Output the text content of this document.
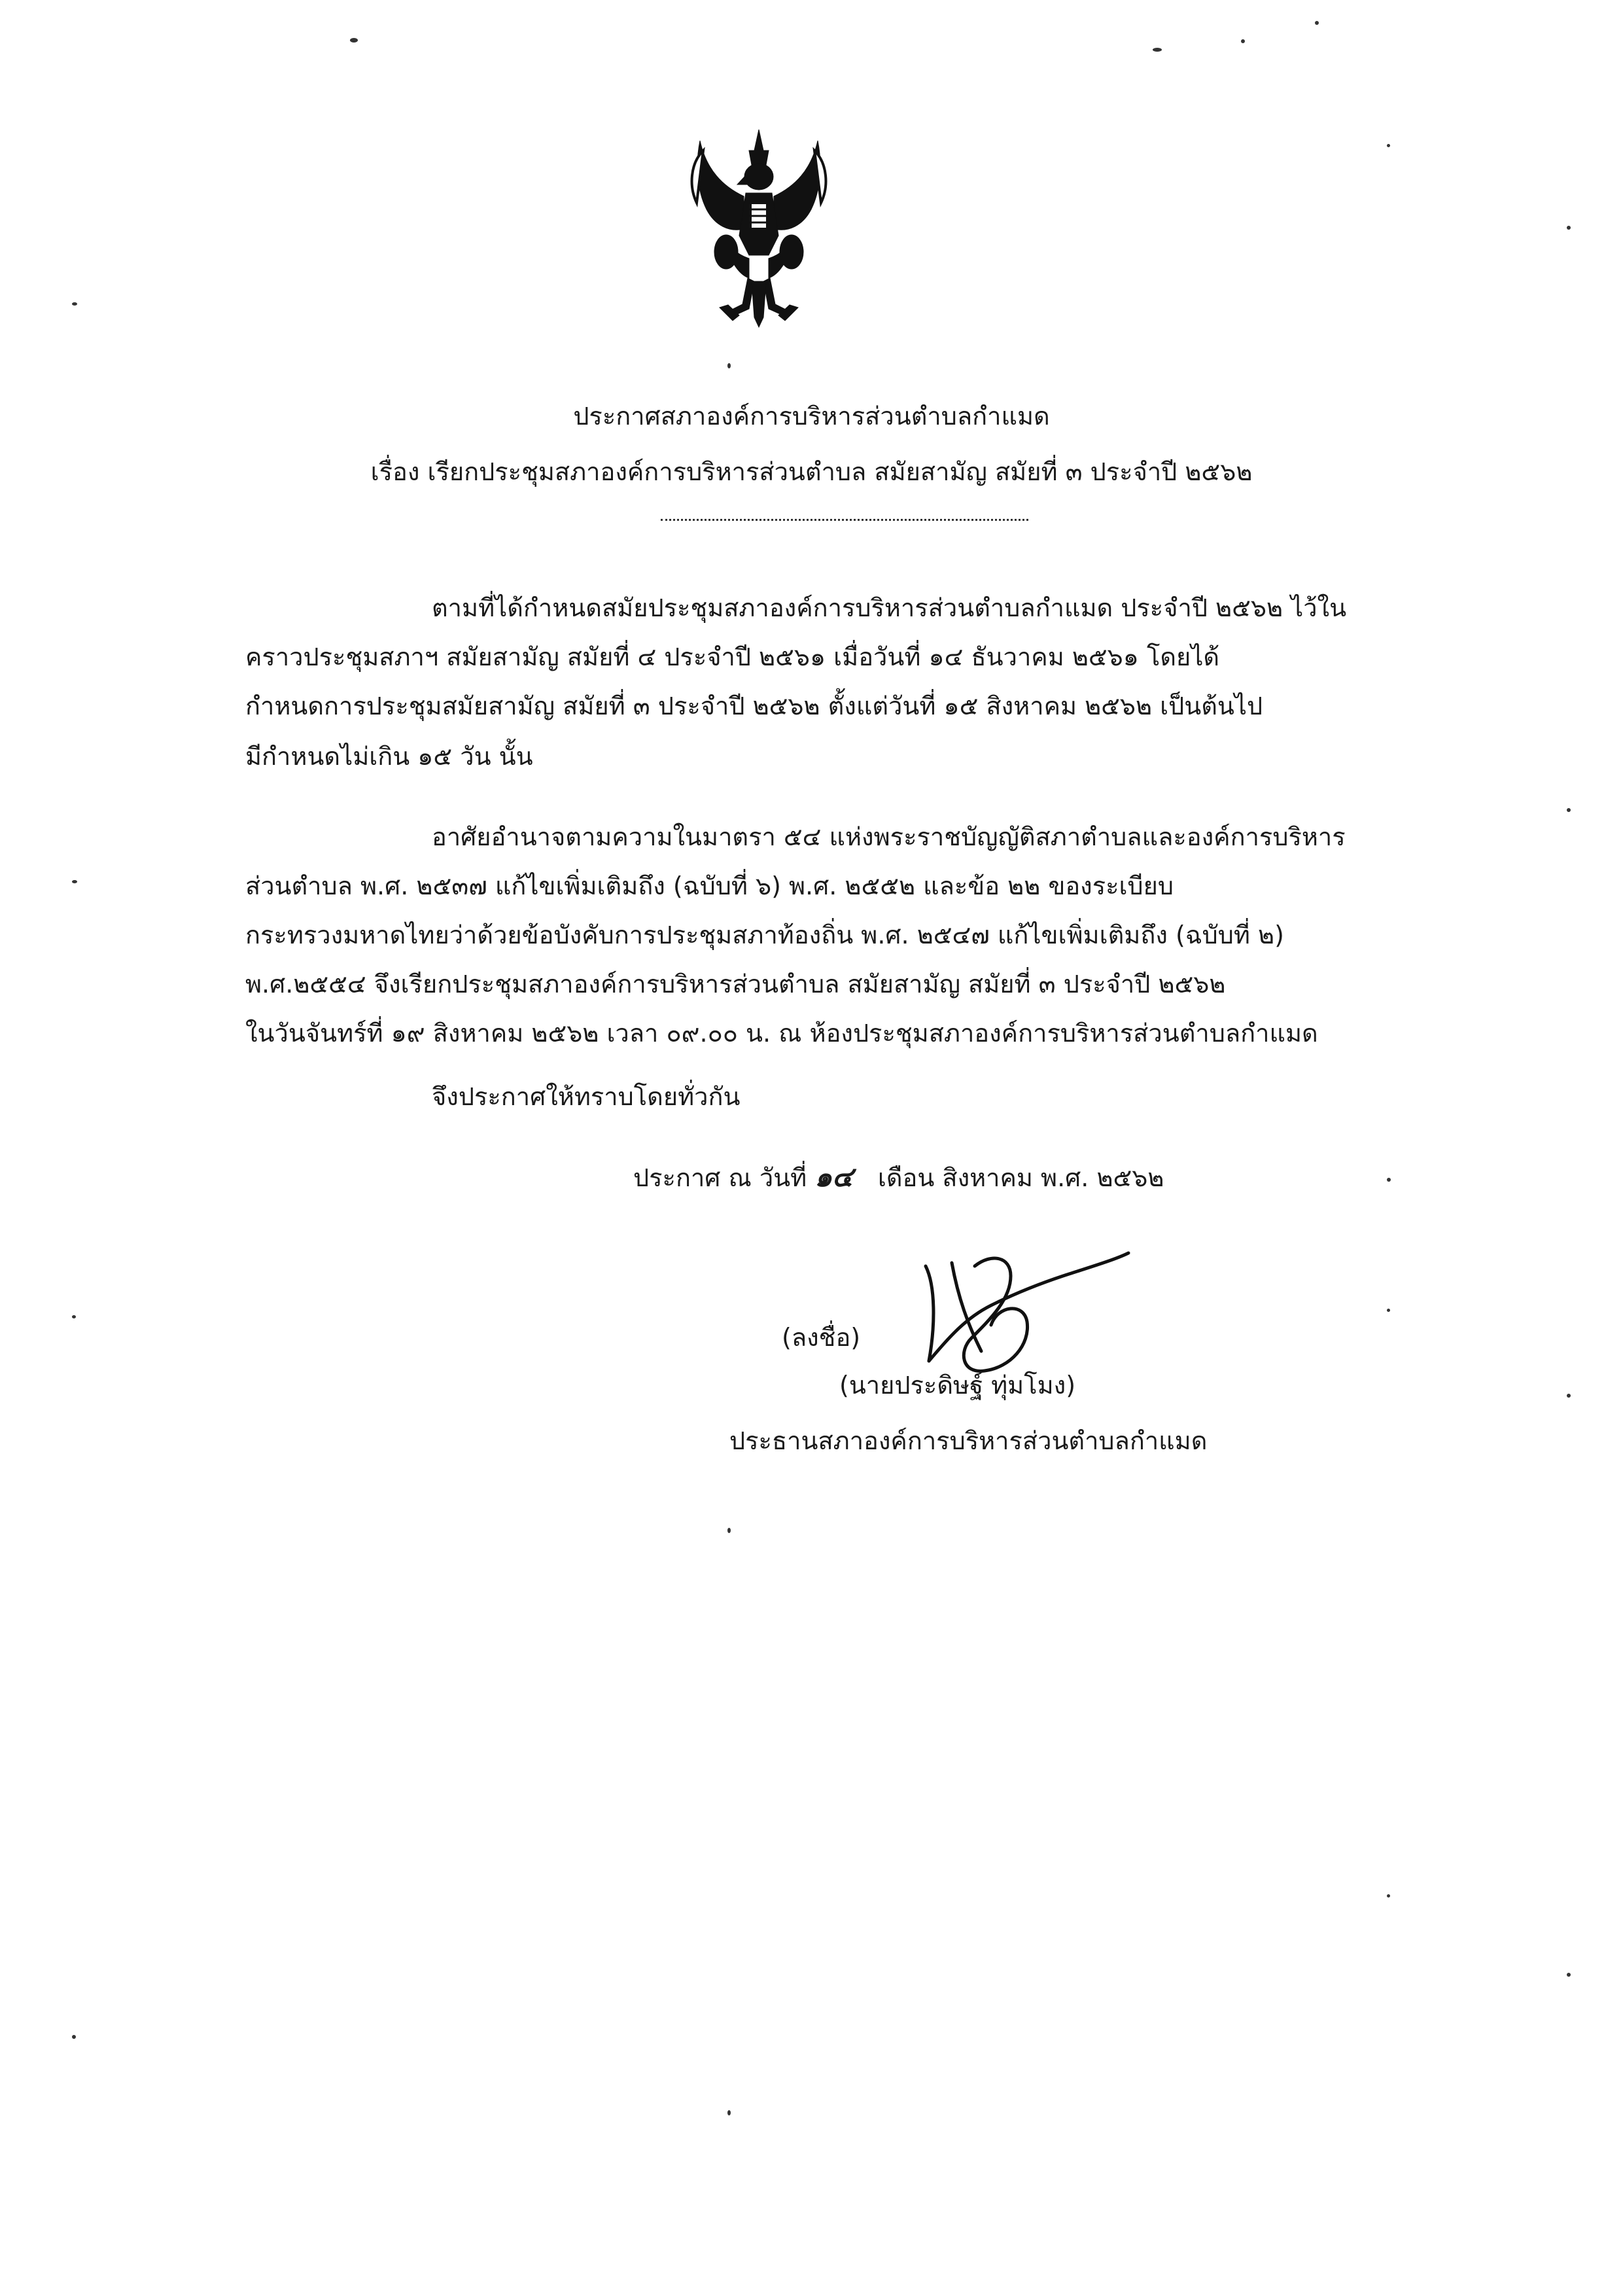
ประกาศสภาองค์การบริหารส่วนตำบลกำแมด
เรื่อง เรียกประชุมสภาองค์การบริหารส่วนตำบล สมัยสามัญ สมัยที่ ๓ ประจำปี ๒๕๖๒
ตามที่ได้กำหนดสมัยประชุมสภาองค์การบริหารส่วนตำบลกำแมด ประจำปี ๒๕๖๒ ไว้ใน
คราวประชุมสภาฯ สมัยสามัญ สมัยที่ ๔ ประจำปี ๒๕๖๑ เมื่อวันที่ ๑๔ ธันวาคม ๒๕๖๑ โดยได้
กำหนดการประชุมสมัยสามัญ สมัยที่ ๓ ประจำปี ๒๕๖๒ ตั้งแต่วันที่ ๑๕ สิงหาคม ๒๕๖๒ เป็นต้นไป
มีกำหนดไม่เกิน ๑๕ วัน นั้น
อาศัยอำนาจตามความในมาตรา ๕๔ แห่งพระราชบัญญัติสภาตำบลและองค์การบริหาร
ส่วนตำบล พ.ศ. ๒๕๓๗ แก้ไขเพิ่มเติมถึง (ฉบับที่ ๖) พ.ศ. ๒๕๕๒ และข้อ ๒๒ ของระเบียบ
กระทรวงมหาดไทยว่าด้วยข้อบังคับการประชุมสภาท้องถิ่น พ.ศ. ๒๕๔๗ แก้ไขเพิ่มเติมถึง (ฉบับที่ ๒)
พ.ศ.๒๕๕๔ จึงเรียกประชุมสภาองค์การบริหารส่วนตำบล สมัยสามัญ สมัยที่ ๓ ประจำปี ๒๕๖๒
ในวันจันทร์ที่ ๑๙ สิงหาคม ๒๕๖๒ เวลา ๐๙.๐๐ น. ณ ห้องประชุมสภาองค์การบริหารส่วนตำบลกำแมด
จึงประกาศให้ทราบโดยทั่วกัน
ประกาศ ณ วันที่ ๑๔ เดือน สิงหาคม พ.ศ. ๒๕๖๒
(ลงชื่อ)
(นายประดิษฐ์ ทุ่มโมง)
ประธานสภาองค์การบริหารส่วนตำบลกำแมด
